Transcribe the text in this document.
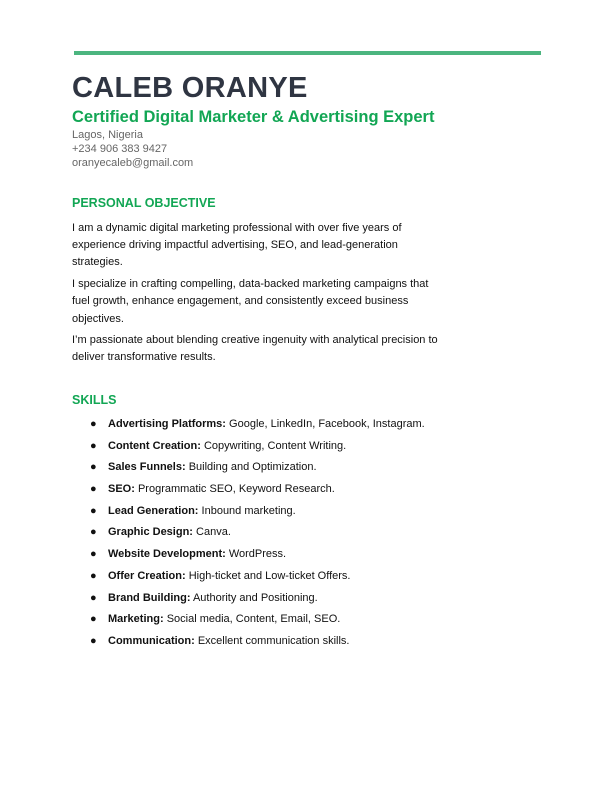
CALEB ORANYE
Certified Digital Marketer & Advertising Expert
Lagos, Nigeria
+234 906 383 9427
oranyecaleb@gmail.com
PERSONAL OBJECTIVE

I am a dynamic digital marketing professional with over five years of experience driving impactful advertising, SEO, and lead-generation strategies.

I specialize in crafting compelling, data-backed marketing campaigns that fuel growth, enhance engagement, and consistently exceed business objectives.

I’m passionate about blending creative ingenuity with analytical precision to deliver transformative results.

SKILLS
● Advertising Platforms: Google, LinkedIn, Facebook, Instagram.
● Content Creation: Copywriting, Content Writing.
● Sales Funnels: Building and Optimization.
● SEO: Programmatic SEO, Keyword Research.
● Lead Generation: Inbound marketing.
● Graphic Design: Canva.
● Website Development: WordPress.
● Offer Creation: High-ticket and Low-ticket Offers.
● Brand Building: Authority and Positioning.
● Marketing: Social media, Content, Email, SEO.
● Communication: Excellent communication skills.
